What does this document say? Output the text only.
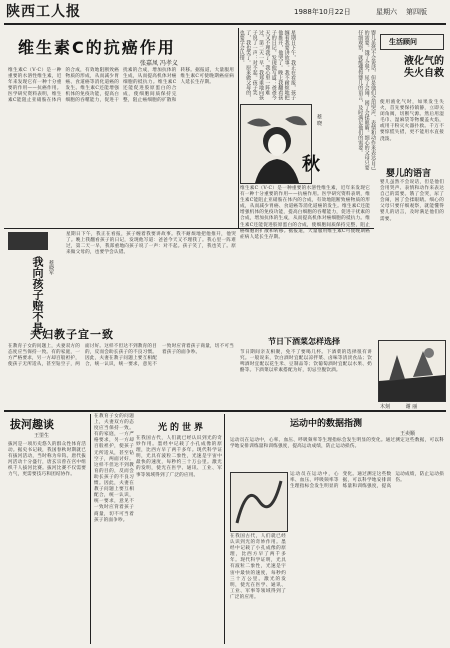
陕西工人报	1988年10月22日	星期六 第四版
维生素C的抗癌作用
张嘉凤 冯孝义
维生素C（V·C）是一种重要的水溶性维生素，近年来发现它有一种十分重要的作用——抗癌作用。医学研究资料表明，维生素C能阻止亚硝胺在体内的合成，有效地阻断致癌物质的形成，从而减少胃癌、食道癌等消化道癌的发生。维生素C还能增强机体的免疫功能，提高白细胞的吞噬能力，促进干扰素的合成，增加抗体的生成，从而提高机体对癌细胞的抵抗力。维生素C还能促进胶原蛋白的合成，使细胞间质保持完整，阻止癌细胞的扩散和转移。据报道，大量服用维生素C可使晚期癌症病人延长生存期。	星期日下午，我正在看报，孩子缠着我要讲故事。我不耐烦地把他推开，他哭了。晚上我翻看孩子的日记，发现他写道：爸爸今天又不理我了。我心里一阵难过，第二天一早，我郑重地向孩子说了一声：对不起。孩子笑了，我也笑了。原来做父母的，也要学会认错。
秋
蔡 晓	婴儿虽然不会说话，但是他们会用哭声、表情和动作来表达自己的需要。饿了会哭，尿了会闹，困了会揉眼睛。细心的父母只要仔细观察，就能懂得婴儿的语言，及时满足他们的需要。	生活顾问
液化气的失火自救
使用液化气时，如果发生失火，首先要保持镇静，立即关闭角阀，切断气源。然后用湿毛巾、湿麻袋等物覆盖火焰，或用干粉灭火器扑救。千万不要惊慌失措，更不能用水直接浇泼。
婴儿的语言
婴儿虽然不会说话，但是他们会用哭声、表情和动作来表达自己的需要。饿了会哭，尿了会闹，困了会揉眼睛。细心的父母只要仔细观察，就能懂得婴儿的语言，及时满足他们的需要。
我向孩子赔不是 蔡晓军
星期日下午，我正在看报，孩子缠着我要讲故事。我不耐烦地把他推开，他哭了。晚上我翻看孩子的日记，发现他写道：爸爸今天又不理我了。我心里一阵难过，第二天一早，我郑重地向孩子说了一声：对不起。孩子笑了，我也笑了。原来做父母的，也要学会认错。
夫妇教子宜一致
在教育子女的问题上，夫妻双方的态度应当保持一致。有的家庭，一方严格要求，另一方却百般袒护，使孩子无所适从，甚至钻空子，两面讨好。这样不但达不到教育的目的，反而会助长孩子的不良习惯。因此，夫妻在教子问题上要互相配合，统一认识，统一要求，意见不一致时应背着孩子商量，切不可当着孩子的面争吵。
维生素C（V·C）是一种重要的水溶性维生素，近年来发现它有一种十分重要的作用——抗癌作用。医学研究资料表明，维生素C能阻止亚硝胺在体内的合成，有效地阻断致癌物质的形成，从而减少胃癌、食道癌等消化道癌的发生。维生素C还能增强机体的免疫功能，提高白细胞的吞噬能力，促进干扰素的合成，增加抗体的生成，从而提高机体对癌细胞的抵抗力。维生素C还能促进胶原蛋白的合成，使细胞间质保持完整，阻止癌细胞的扩散和转移。据报道，大量服用维生素C可使晚期癌症病人延长生存期。
节日下酒菜怎样选择
节日期间亲友相聚，免不了要喝几杯。下酒菜的选择很有讲究。一般说来，饮白酒时宜配以凉拌菜、卤味等清淡食品；饮啤酒时宜配以花生米、豆制品等；饮葡萄酒时宜配以水果、奶酪等。下酒菜以荤素搭配为好，切忌空腹饮酒。
木刻	谢 丽
拔河趣谈
王里生
拔河是一项历史悠久的群众性体育活动。据史书记载，我国春秋时期就已有拔河活动，当时称为牵钩。唐代拔河活动十分盛行，唐玄宗曾在宫中组织千人拔河比赛。拔河比赛不仅需要力气，更需要技巧和团结协作。
在教育子女的问题上，夫妻双方的态度应当保持一致。有的家庭，一方严格要求，另一方却百般袒护，使孩子无所适从，甚至钻空子，两面讨好。这样不但达不到教育的目的，反而会助长孩子的不良习惯。因此，夫妻在教子问题上要互相配合，统一认识，统一要求，意见不一致时应背着孩子商量，切不可当着孩子的面争吵。
光的世界
在我国古代，人们就已经认识到光的奇妙作用。墨经中记载了小孔成像的原理，比西方早了两千多年。现代科学证明，光具有波粒二象性，光速是宇宙中最快的速度，每秒约三十万公里。激光的发明，使光在医学、通讯、工业、军事等领域得到了广泛的应用。
运动中的数据指测
王卖顺
运动员在运动中，心率、血压、呼吸频率等生理指标会发生明显的变化。通过测定这些数据，可以科学地安排训练量和训练强度，提高运动成绩，防止运动损伤。
运动员在运动中，心率、血压、呼吸频率等生理指标会发生明显的变化。通过测定这些数据，可以科学地安排训练量和训练强度，提高运动成绩，防止运动损伤。
在我国古代，人们就已经认识到光的奇妙作用。墨经中记载了小孔成像的原理，比西方早了两千多年。现代科学证明，光具有波粒二象性，光速是宇宙中最快的速度，每秒约三十万公里。激光的发明，使光在医学、通讯、工业、军事等领域得到了广泛的应用。
